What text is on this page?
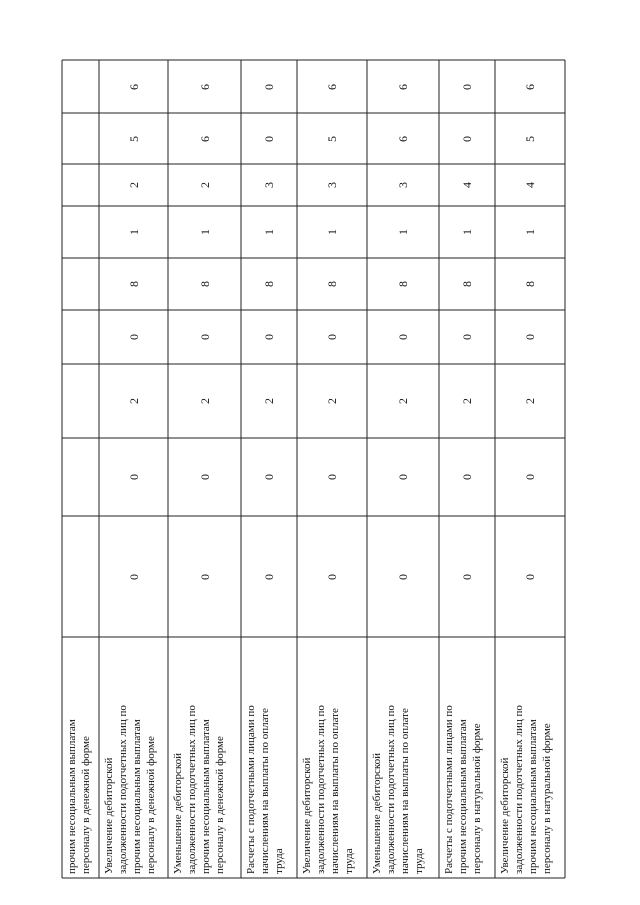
прочим несоциальным выплатам
персоналу в денежной форме
Увеличение дебиторской
задолженности подотчетных лиц по
прочим несоциальным выплатам
персоналу в денежной форме
0
0
2
0
8
1
2
5
6
Уменьшение дебиторской
задолженности подотчетных лиц по
прочим несоциальным выплатам
персоналу в денежной форме
0
0
2
0
8
1
2
6
6
Расчеты с подотчетными лицами по
начислениям на выплаты по оплате
труда
0
0
2
0
8
1
3
0
0
Увеличение дебиторской
задолженности подотчетных лиц по
начислениям на выплаты по оплате
труда
0
0
2
0
8
1
3
5
6
Уменьшение дебиторской
задолженности подотчетных лиц по
начислениям на выплаты по оплате
труда
0
0
2
0
8
1
3
6
6
Расчеты с подотчетными лицами по
прочим несоциальным выплатам
персоналу в натуральной форме
0
0
2
0
8
1
4
0
0
Увеличение дебиторской
задолженности подотчетных лиц по
прочим несоциальным выплатам
персоналу в натуральной форме
0
0
2
0
8
1
4
5
6
